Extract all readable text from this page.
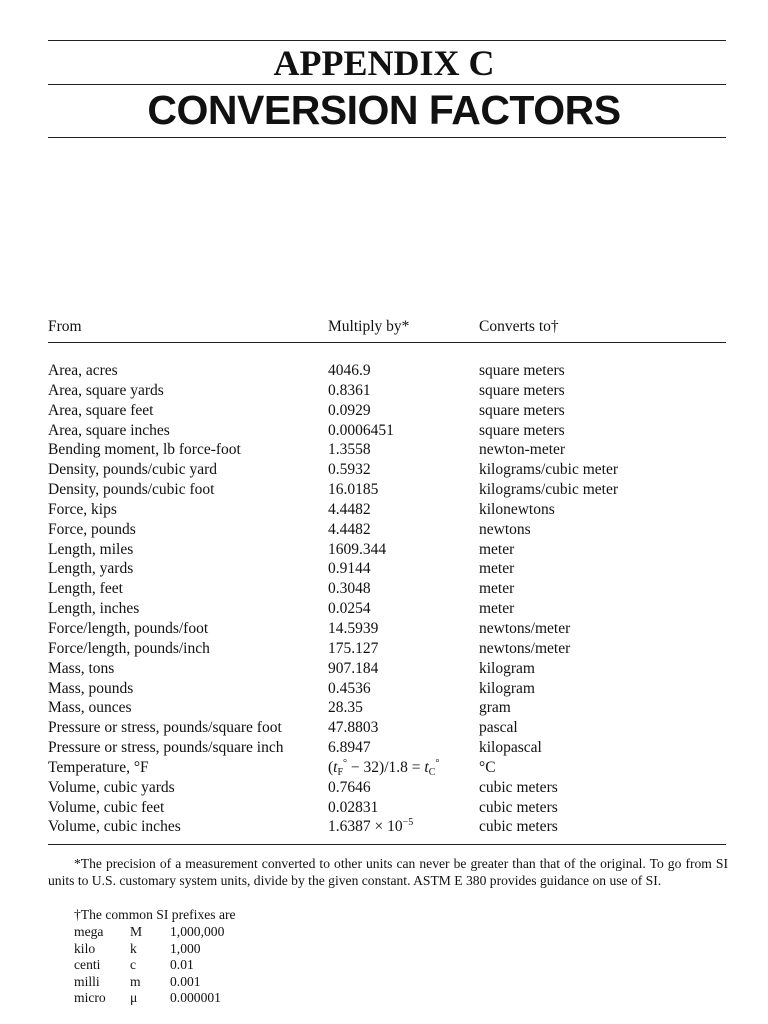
APPENDIX C
CONVERSION FACTORS
From	Multiply by*	Converts to†
Area, acres	4046.9	square meters
Area, square yards	0.8361	square meters
Area, square feet	0.0929	square meters
Area, square inches	0.0006451	square meters
Bending moment, lb force-foot	1.3558	newton-meter
Density, pounds/cubic yard	0.5932	kilograms/cubic meter
Density, pounds/cubic foot	16.0185	kilograms/cubic meter
Force, kips	4.4482	kilonewtons
Force, pounds	4.4482	newtons
Length, miles	1609.344	meter
Length, yards	0.9144	meter
Length, feet	0.3048	meter
Length, inches	0.0254	meter
Force/length, pounds/foot	14.5939	newtons/meter
Force/length, pounds/inch	175.127	newtons/meter
Mass, tons	907.184	kilogram
Mass, pounds	0.4536	kilogram
Mass, ounces	28.35	gram
Pressure or stress, pounds/square foot	47.8803	pascal
Pressure or stress, pounds/square inch	6.8947	kilopascal
Temperature, °F	$(t_F^\circ - 32)/1.8 = t_C^\circ$	°C
Volume, cubic yards	0.7646	cubic meters
Volume, cubic feet	0.02831	cubic meters
Volume, cubic inches	$1.6387 \times 10^{-5}$	cubic meters
*The precision of a measurement converted to other units can never be greater than that of the original. To go from SI units to U.S. customary system units, divide by the given constant. ASTM E 380 provides guidance on use of SI.
†The common SI prefixes are
mega M 1,000,000
kilo	k 1,000
centi c 0.01
milli m 0.001
micro μ 0.000001
